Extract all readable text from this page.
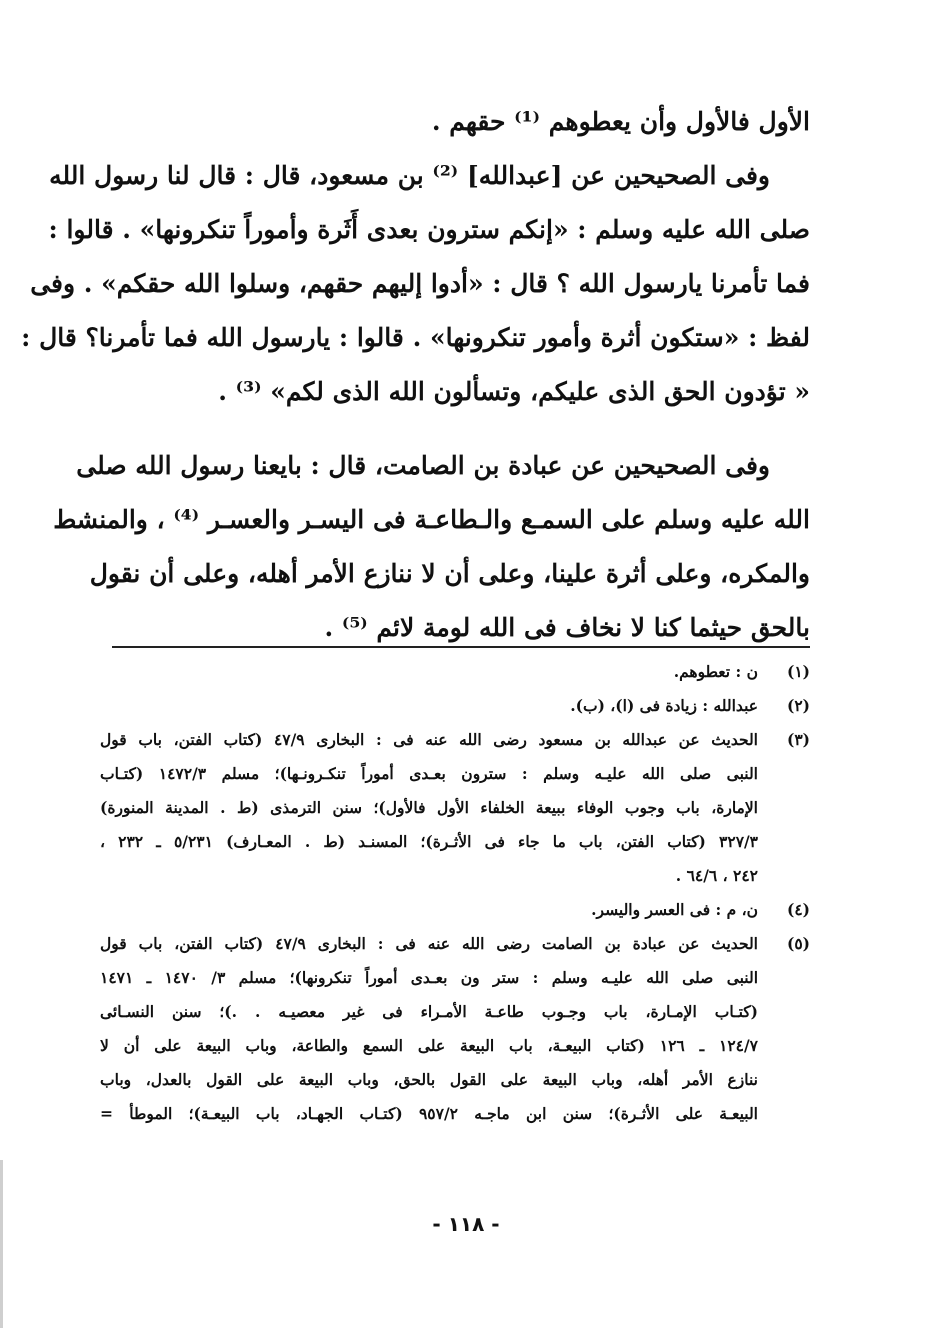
الأول فالأول وأن يعطوهم ⁽¹⁾ حقهم .
وفى الصحيحين عن [عبدالله] ⁽²⁾ بن مسعود، قال : قال لنا رسول الله
صلى الله عليه وسلم : «إنكم سترون بعدى أَثَرة وأموراً تنكرونها» . قالوا :
فما تأمرنا يارسول الله ؟ قال : «أدوا إليهم حقهم، وسلوا الله حقكم» . وفى
لفظ : «ستكون أثرة وأمور تنكرونها» . قالوا : يارسول الله فما تأمرنا؟ قال :
« تؤدون الحق الذى عليكم، وتسألون الله الذى لكم» ⁽³⁾ .
وفى الصحيحين عن عبادة بن الصامت، قال : بايعنا رسول الله صلى
الله عليه وسلم على السمـع والـطاعـة فى اليسـر والعسـر ⁽⁴⁾ ، والمنشط
والمكره، وعلى أثرة علينا، وعلى أن لا ننازع الأمر أهله، وعلى أن نقول
بالحق حيثما كنا لا نخاف فى الله لومة لائم ⁽⁵⁾ .
(١)
ن : تعطوهم.
(٢)
عبدالله : زيادة فى (ا)، (ب).
(٣)
الحديث عن عبدالله بن مسعود رضى الله عنه فى : البخارى ٤٧/٩ (كتاب الفتن، باب قول
النبى صلى الله عليـه وسلم : سترون بعـدى أموراً تنكـرونـها)؛ مسلم ١٤٧٢/٣ (كتـاب
الإمارة، باب وجوب الوفاء ببيعة الخلفاء الأول فالأول)؛ سنن الترمذى (ط . المدينة المنورة)
٣٢٧/٣ (كتاب الفتن، باب ما جاء فى الأثـرة)؛ المسنـد (ط . المعـارف) ٥/٢٣١ ـ ٢٣٢ ،
٢٤٢ ، ٦٤/٦ .
(٤)
ن، م : فى العسر واليسر.
(٥)
الحديث عن عبادة بن الصامت رضى الله عنه فى : البخارى ٤٧/٩ (كتاب الفتن، باب قول
النبى صلى الله عليـه وسلم : ستر ون بعـدى أموراً تنكرونها)؛ مسلم ٣/ ١٤٧٠ ـ ١٤٧١
(كتـاب الإمـارة، باب وجـوب طاعـة الأمـراء فى غير معصيـه . .)؛ سنن النسـائى
١٢٤/٧ ـ ١٢٦ (كتاب البيعـة، باب البيعة على السمع والطاعة، وباب البيعة على أن لا
ننازع الأمر أهله، وباب البيعة على القول بالحق، وباب البيعة على القول بالعدل، وباب
البيعـة على الأثـرة)؛ سنن ابن ماجـه ٩٥٧/٢ (كتـاب الجهـاد، باب البيعـة)؛ الموطأ =
- ١١٨ -
